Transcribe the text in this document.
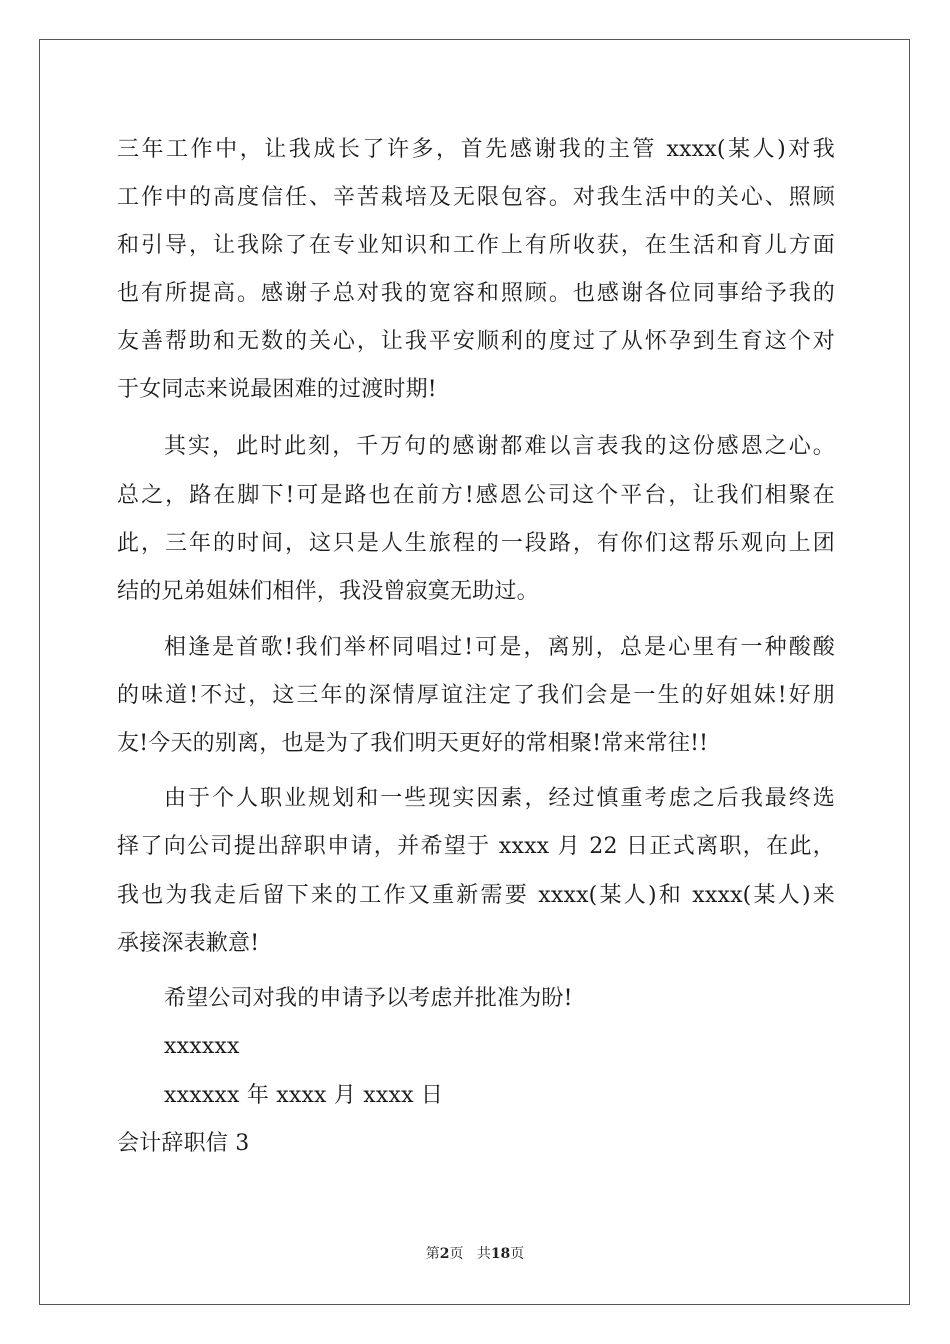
三年工作中，让我成长了许多，首先感谢我的主管 xxxx(某人)对我
工作中的高度信任、辛苦栽培及无限包容。对我生活中的关心、照顾
和引导，让我除了在专业知识和工作上有所收获，在生活和育儿方面
也有所提高。感谢子总对我的宽容和照顾。也感谢各位同事给予我的
友善帮助和无数的关心，让我平安顺利的度过了从怀孕到生育这个对
于女同志来说最困难的过渡时期!
其实，此时此刻，千万句的感谢都难以言表我的这份感恩之心。
总之，路在脚下!可是路也在前方!感恩公司这个平台，让我们相聚在
此，三年的时间，这只是人生旅程的一段路，有你们这帮乐观向上团
结的兄弟姐妹们相伴，我没曾寂寞无助过。
相逢是首歌!我们举杯同唱过!可是，离别，总是心里有一种酸酸
的味道!不过，这三年的深情厚谊注定了我们会是一生的好姐妹!好朋
友!今天的别离，也是为了我们明天更好的常相聚!常来常往!!
由于个人职业规划和一些现实因素，经过慎重考虑之后我最终选
择了向公司提出辞职申请，并希望于 xxxx 月 22 日正式离职，在此，
我也为我走后留下来的工作又重新需要 xxxx(某人)和 xxxx(某人)来
承接深表歉意!
希望公司对我的申请予以考虑并批准为盼!
xxxxxx
xxxxxx 年 xxxx 月 xxxx 日
会计辞职信 3
第2页 共18页
